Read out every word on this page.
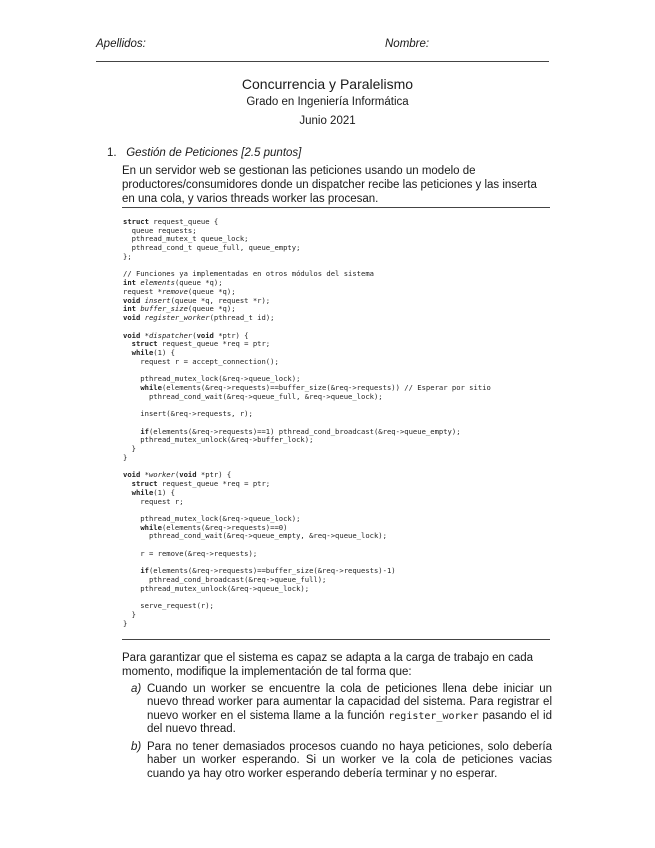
Apellidos:	Nombre:
Concurrencia y Paralelismo
Grado en Ingeniería Informática
Junio 2021
1. Gestión de Peticiones [2.5 puntos]
En un servidor web se gestionan las peticiones usando un modelo de productores/consumidores donde un dispatcher recibe las peticiones y las inserta en una cola, y varios threads worker las procesan.
struct request_queue {
queue requests;
pthread_mutex_t queue_lock;
pthread_cond_t queue_full, queue_empty;
};

// Funciones ya implementadas en otros módulos del sistema
int elements(queue *q);
request *remove(queue *q);
void insert(queue *q, request *r);
int buffer_size(queue *q);
void register_worker(pthread_t id);

void *dispatcher(void *ptr) {
struct request_queue *req = ptr;
while(1) {
request r = accept_connection();

pthread_mutex_lock(&req->queue_lock);
while(elements(&req->requests)==buffer_size(&req->requests)) // Esperar por sitio
pthread_cond_wait(&req->queue_full, &req->queue_lock);

insert(&req->requests, r);

if(elements(&req->requests)==1) pthread_cond_broadcast(&req->queue_empty);
pthread_mutex_unlock(&req->buffer_lock);
}
}

void *worker(void *ptr) {
struct request_queue *req = ptr;
while(1) {
request r;

pthread_mutex_lock(&req->queue_lock);
while(elements(&req->requests)==0)
pthread_cond_wait(&req->queue_empty, &req->queue_lock);

r = remove(&req->requests);

if(elements(&req->requests)==buffer_size(&req->requests)-1)
pthread_cond_broadcast(&req->queue_full);
pthread_mutex_unlock(&req->queue_lock);

serve_request(r);
}
}
Para garantizar que el sistema es capaz se adapta a la carga de trabajo en cada momento, modifique la implementación de tal forma que:
a) Cuando un worker se encuentre la cola de peticiones llena debe iniciar un nuevo thread worker para aumentar la capacidad del sistema. Para registrar el nuevo worker en el sistema llame a la función register_worker pasando el id del nuevo thread.
b) Para no tener demasiados procesos cuando no haya peticiones, solo debería haber un worker esperando. Si un worker ve la cola de peticiones vacias cuando ya hay otro worker esperando debería terminar y no esperar.
